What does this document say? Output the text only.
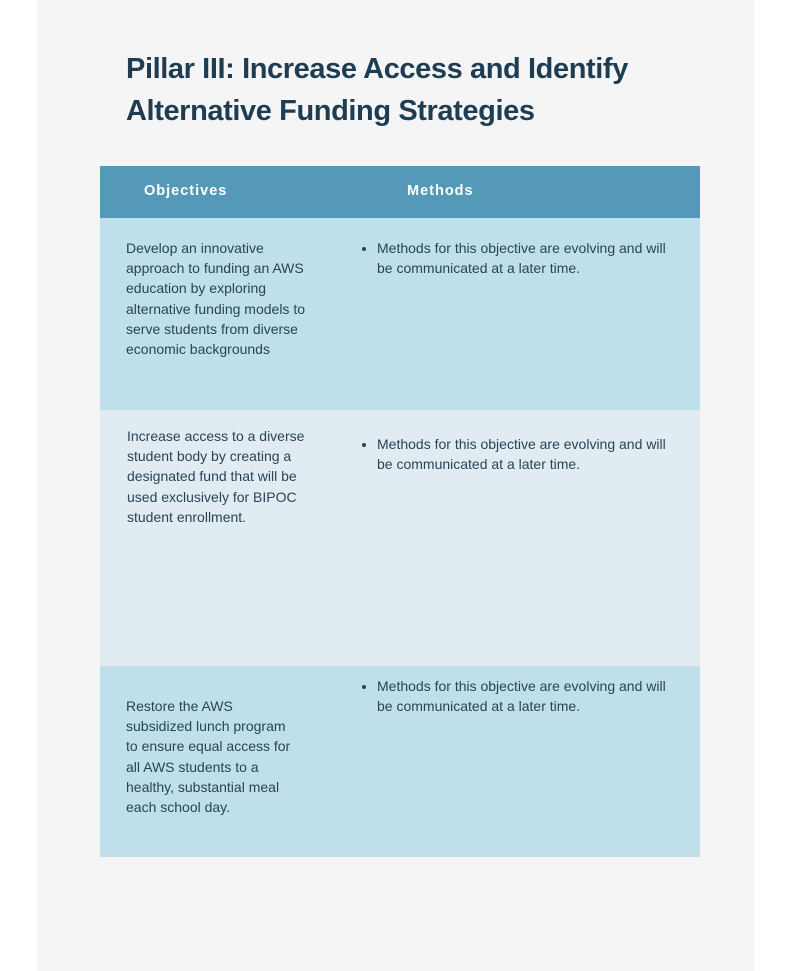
Pillar III: Increase Access and Identify Alternative Funding Strategies
Objectives	Methods
Develop an innovative approach to funding an AWS education by exploring alternative funding models to serve students from diverse economic backgrounds
• Methods for this objective are evolving and will be communicated at a later time.
Increase access to a diverse student body by creating a designated fund that will be used exclusively for BIPOC student enrollment.
• Methods for this objective are evolving and will be communicated at a later time.
Restore the AWS subsidized lunch program to ensure equal access for all AWS students to a healthy, substantial meal each school day.
• Methods for this objective are evolving and will be communicated at a later time.
